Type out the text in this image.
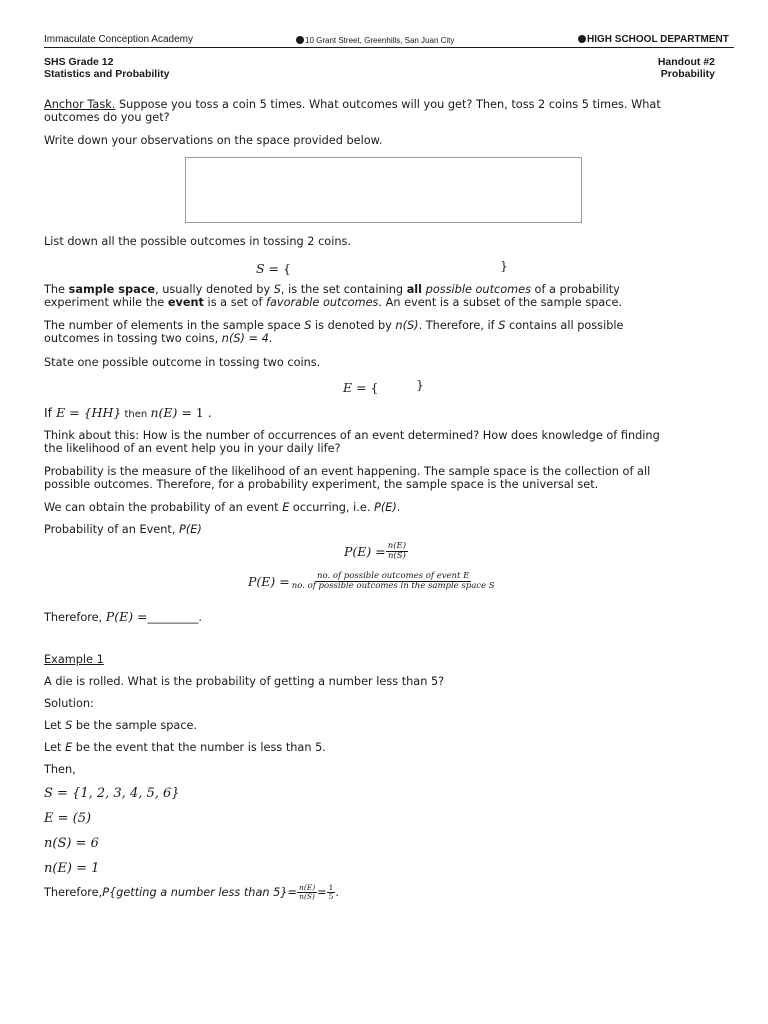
Immaculate Conception Academy	10 Grant Street, Greenhills, San Juan City	HIGH SCHOOL DEPARTMENT
SHS Grade 12
Statistics and Probability
Handout #2
Probability
Anchor Task. Suppose you toss a coin 5 times. What outcomes will you get? Then, toss 2 coins 5 times. What
outcomes do you get?
Write down your observations on the space provided below.
List down all the possible outcomes in tossing 2 coins.
S = {	}
The sample space, usually denoted by S, is the set containing all possible outcomes of a probability
experiment while the event is a set of favorable outcomes. An event is a subset of the sample space.
The number of elements in the sample space S is denoted by n(S). Therefore, if S contains all possible
outcomes in tossing two coins, n(S) = 4.
State one possible outcome in tossing two coins.
E = {	}
If E = {HH} then n(E) = 1 .
Think about this: How is the number of occurrences of an event determined? How does knowledge of finding
the likelihood of an event help you in your daily life?
Probability is the measure of the likelihood of an event happening. The sample space is the collection of all
possible outcomes. Therefore, for a probability experiment, the sample space is the universal set.
We can obtain the probability of an event E occurring, i.e. P(E).
Probability of an Event, P(E)
$P(E) = \frac{n(E)}{n(S)}$
$P(E) = \frac{\text{no. of possible outcomes of event E}}{\text{no. of possible outcomes in the sample space S}}$
Therefore, P(E) =_________.
Example 1
A die is rolled. What is the probability of getting a number less than 5?
Solution:
Let S be the sample space.
Let E be the event that the number is less than 5.
Then,
S = {1, 2, 3, 4, 5, 6}
E = (5)
n(S) = 6
n(E) = 1
Therefore, P{getting a number less than $5\} = \frac{n(E)}{n(S)} = \frac{1}{5}$ .
